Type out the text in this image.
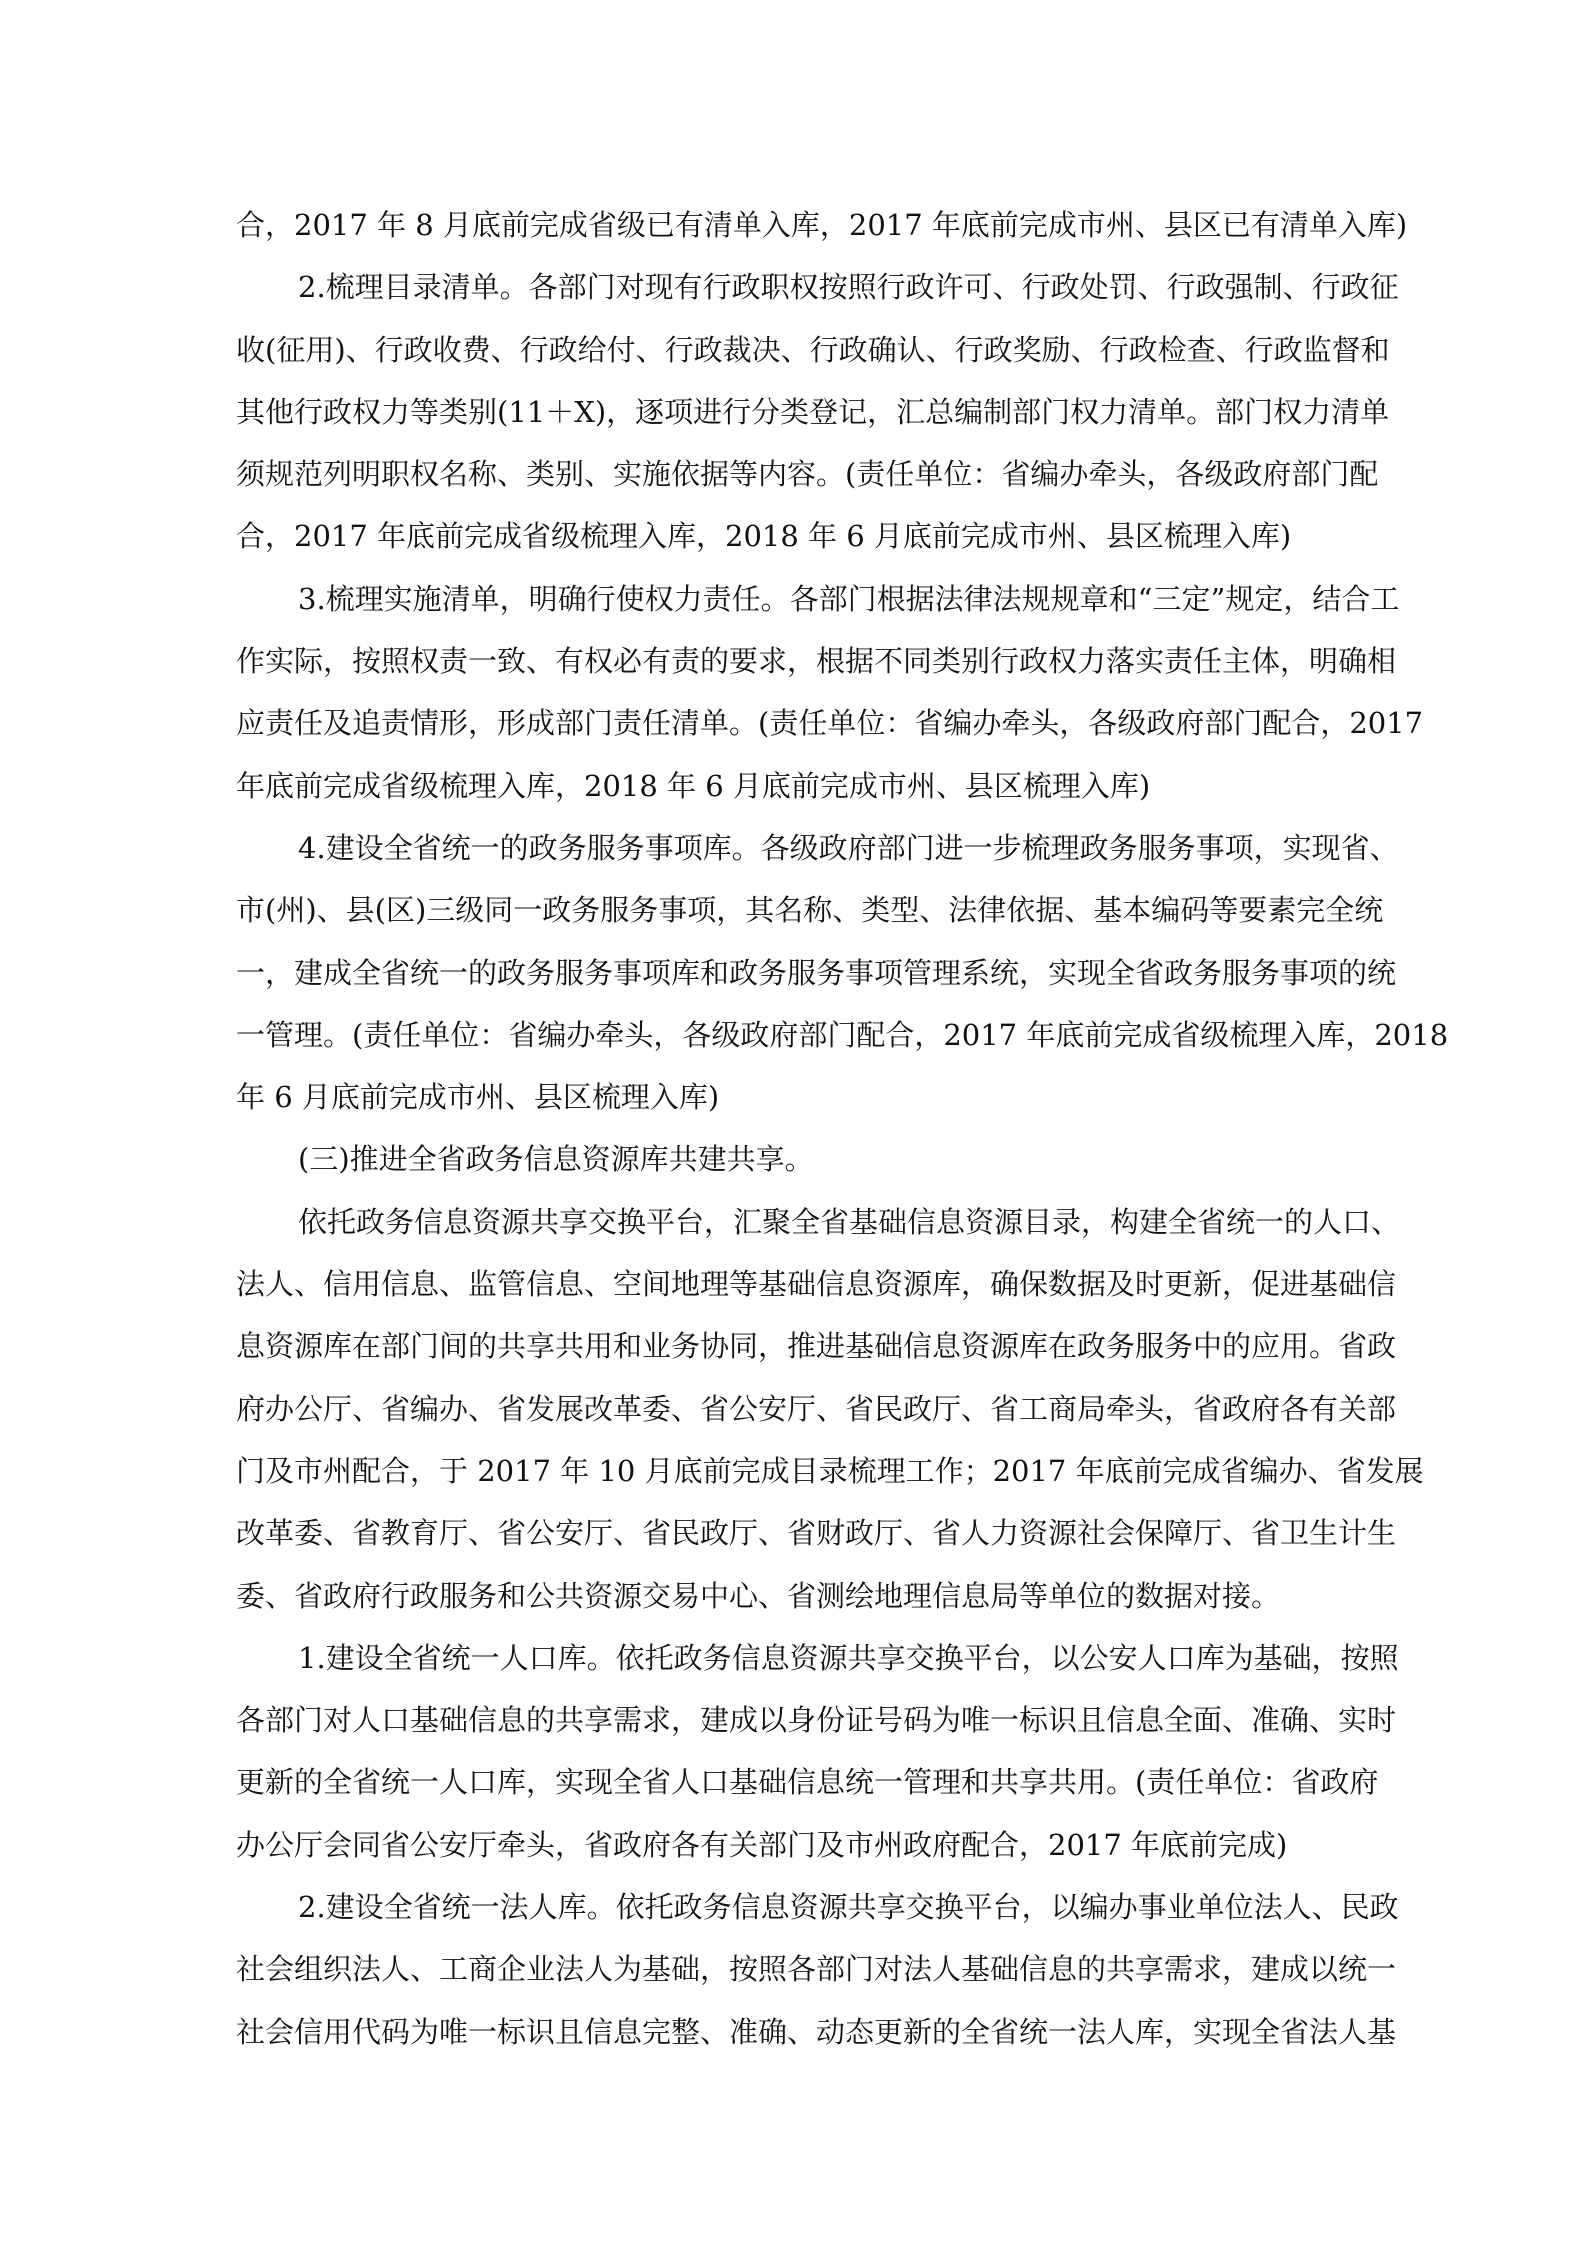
合，2017 年 8 月底前完成省级已有清单入库，2017 年底前完成市州、县区已有清单入库)
2.梳理目录清单。各部门对现有行政职权按照行政许可、行政处罚、行政强制、行政征
收(征用)、行政收费、行政给付、行政裁决、行政确认、行政奖励、行政检查、行政监督和
其他行政权力等类别(11＋X)，逐项进行分类登记，汇总编制部门权力清单。部门权力清单
须规范列明职权名称、类别、实施依据等内容。(责任单位：省编办牵头，各级政府部门配
合，2017 年底前完成省级梳理入库，2018 年 6 月底前完成市州、县区梳理入库)
3.梳理实施清单，明确行使权力责任。各部门根据法律法规规章和“三定”规定，结合工
作实际，按照权责一致、有权必有责的要求，根据不同类别行政权力落实责任主体，明确相
应责任及追责情形，形成部门责任清单。(责任单位：省编办牵头，各级政府部门配合，2017
年底前完成省级梳理入库，2018 年 6 月底前完成市州、县区梳理入库)
4.建设全省统一的政务服务事项库。各级政府部门进一步梳理政务服务事项，实现省、
市(州)、县(区)三级同一政务服务事项，其名称、类型、法律依据、基本编码等要素完全统
一，建成全省统一的政务服务事项库和政务服务事项管理系统，实现全省政务服务事项的统
一管理。(责任单位：省编办牵头，各级政府部门配合，2017 年底前完成省级梳理入库，2018
年 6 月底前完成市州、县区梳理入库)
(三)推进全省政务信息资源库共建共享。
依托政务信息资源共享交换平台，汇聚全省基础信息资源目录，构建全省统一的人口、
法人、信用信息、监管信息、空间地理等基础信息资源库，确保数据及时更新，促进基础信
息资源库在部门间的共享共用和业务协同，推进基础信息资源库在政务服务中的应用。省政
府办公厅、省编办、省发展改革委、省公安厅、省民政厅、省工商局牵头，省政府各有关部
门及市州配合，于 2017 年 10 月底前完成目录梳理工作；2017 年底前完成省编办、省发展
改革委、省教育厅、省公安厅、省民政厅、省财政厅、省人力资源社会保障厅、省卫生计生
委、省政府行政服务和公共资源交易中心、省测绘地理信息局等单位的数据对接。
1.建设全省统一人口库。依托政务信息资源共享交换平台，以公安人口库为基础，按照
各部门对人口基础信息的共享需求，建成以身份证号码为唯一标识且信息全面、准确、实时
更新的全省统一人口库，实现全省人口基础信息统一管理和共享共用。(责任单位：省政府
办公厅会同省公安厅牵头，省政府各有关部门及市州政府配合，2017 年底前完成)
2.建设全省统一法人库。依托政务信息资源共享交换平台，以编办事业单位法人、民政
社会组织法人、工商企业法人为基础，按照各部门对法人基础信息的共享需求，建成以统一
社会信用代码为唯一标识且信息完整、准确、动态更新的全省统一法人库，实现全省法人基
